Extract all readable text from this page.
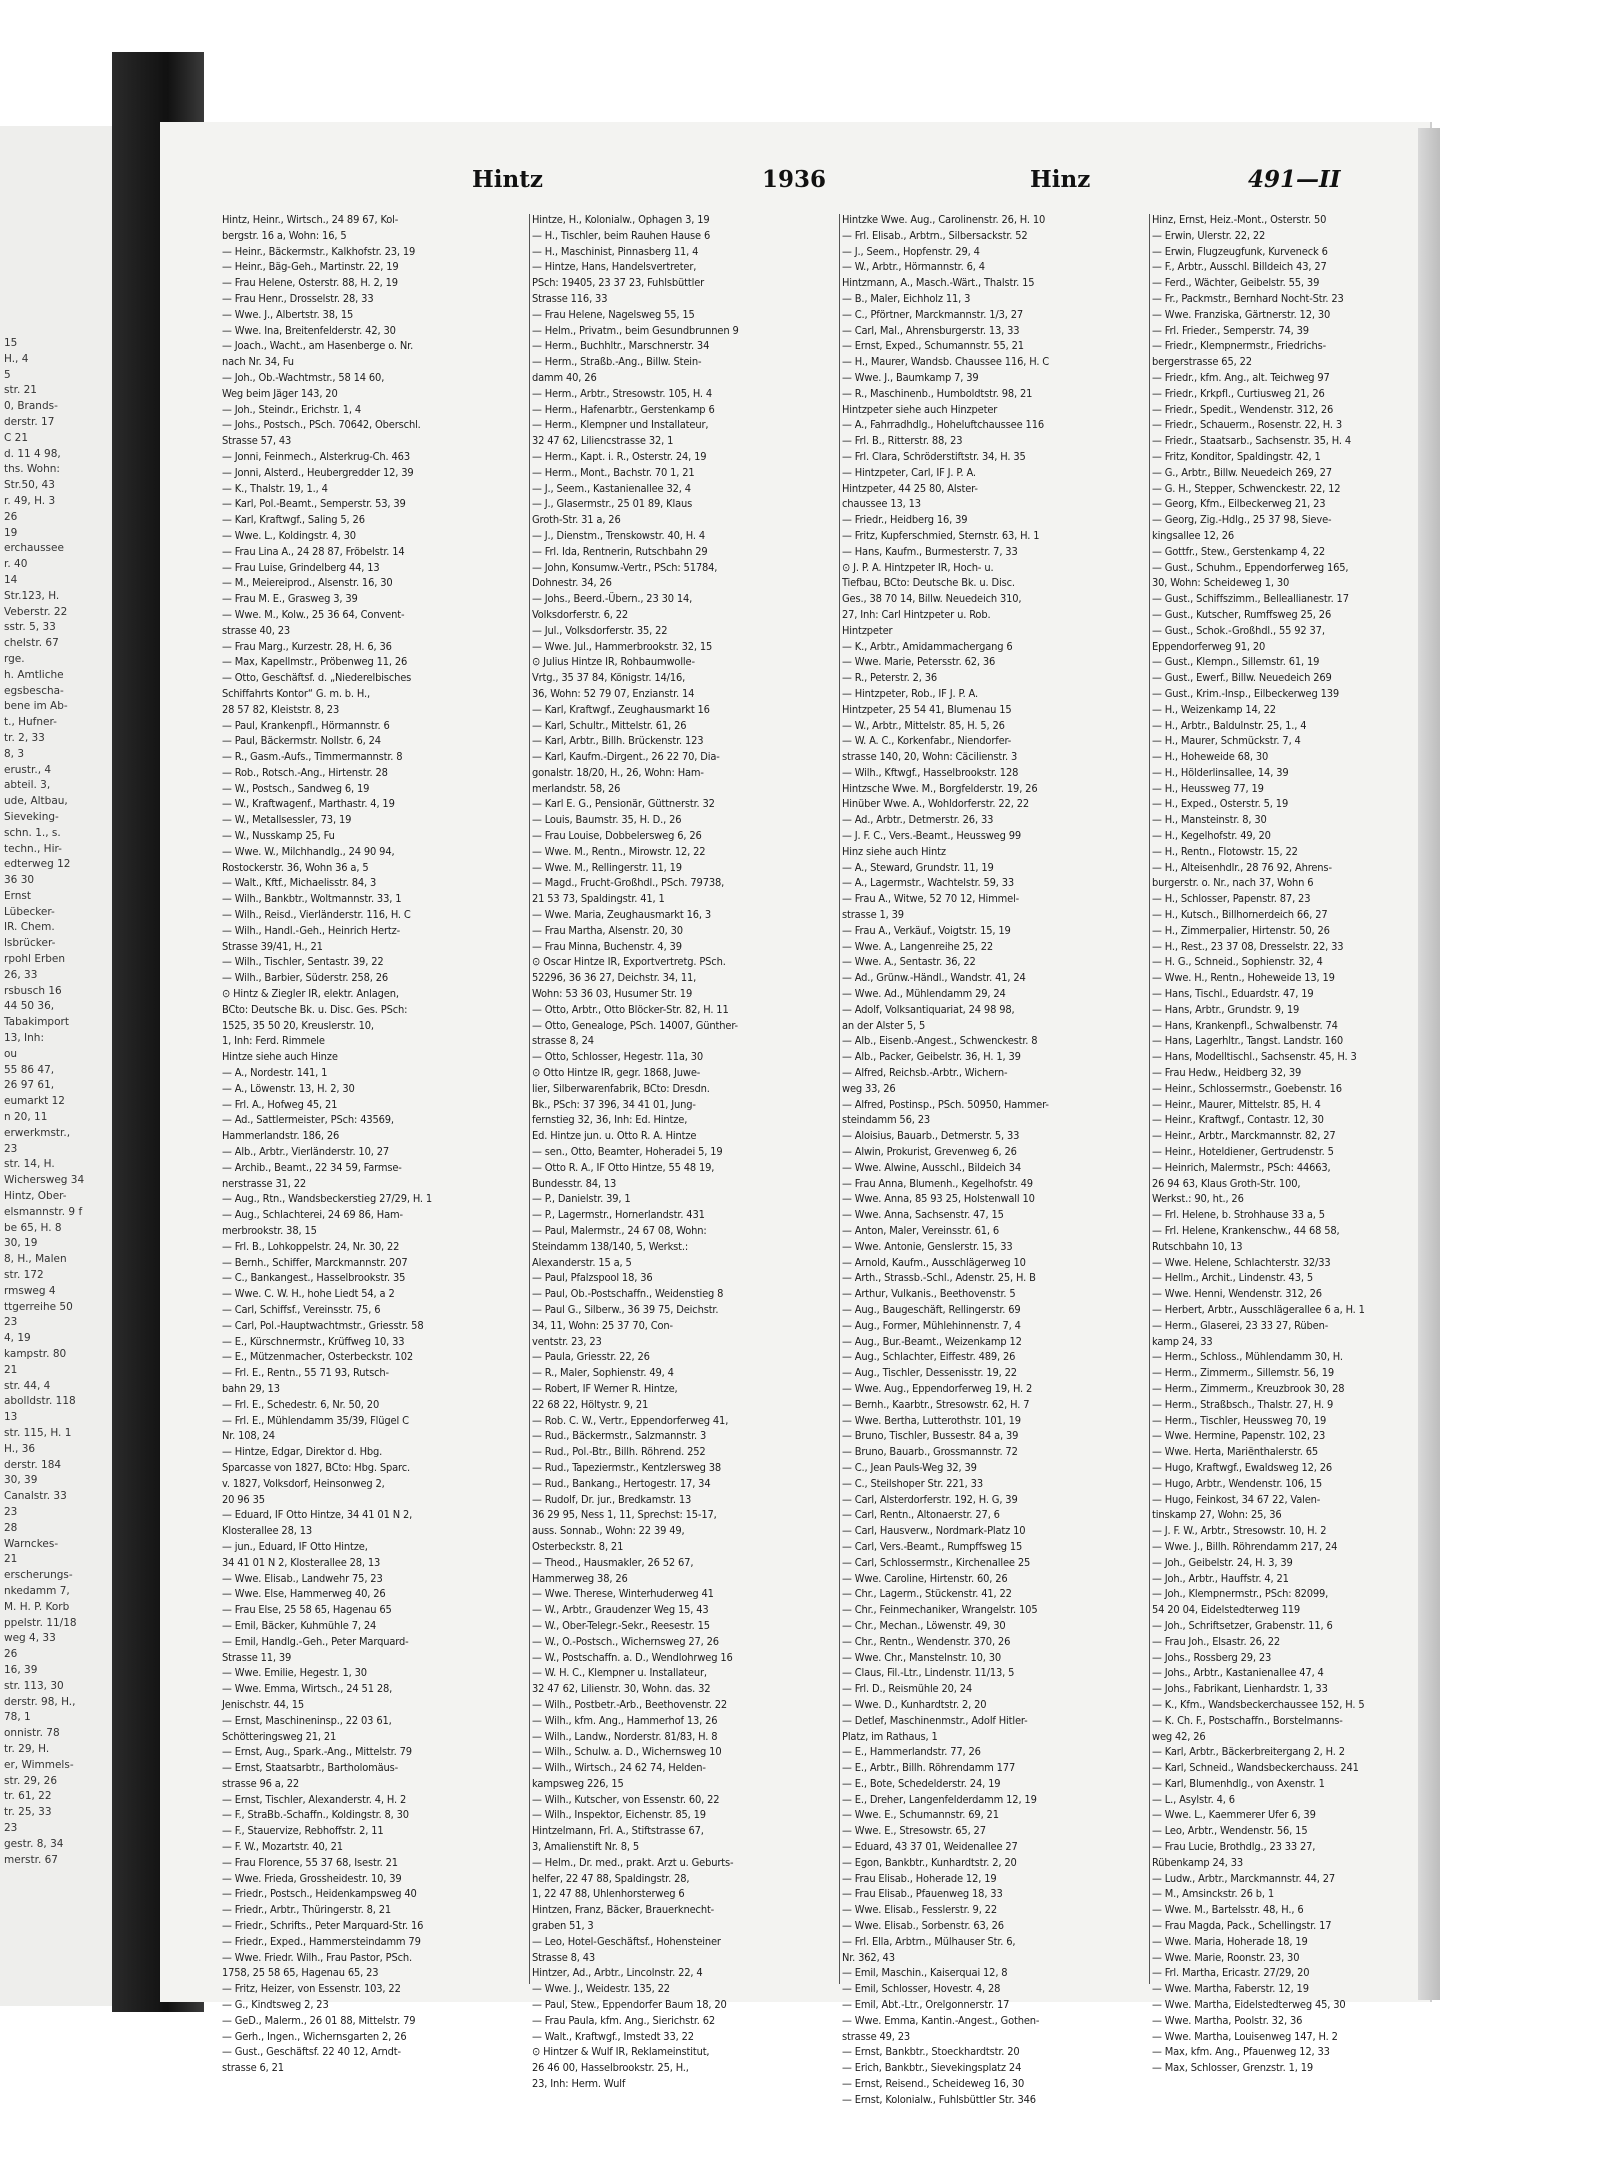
15
H., 4
5
str. 21
0, Brands-
derstr. 17
C 21
d. 11 4 98,
ths. Wohn:
Str.50, 43
r. 49, H. 3
26
19
erchaussee
r. 40
14
Str.123, H.
Veberstr. 22
sstr. 5, 33
chelstr. 67
rge.
h. Amtliche
egsbescha-
bene im Ab-
t., Hufner-
tr. 2, 33
8, 3
erustr., 4
abteil. 3,
ude, Altbau,
Sieveking-
schn. 1., s.
techn., Hir-
edterweg 12
36 30
Ernst
Lübecker-
IR. Chem.
lsbrücker-
rpohl Erben
26, 33
rsbusch 16
44 50 36,
Tabakimport
13, Inh:
ou
55 86 47,
26 97 61,
eumarkt 12
n 20, 11
erwerkmstr.,
23
str. 14, H.
Wichersweg 34
Hintz, Ober-
elsmannstr. 9 f
be 65, H. 8
30, 19
8, H., Malen
str. 172
rmsweg 4
ttgerreihe 50
23
4, 19
kampstr. 80
21
str. 44, 4
abolldstr. 118
13
str. 115, H. 1
H., 36
derstr. 184
30, 39
Canalstr. 33
23
28
Warnckes-
21
erscherungs-
nkedamm 7,
M. H. P. Korb
ppelstr. 11/18
weg 4, 33
26
16, 39
str. 113, 30
derstr. 98, H.,
78, 1
onnistr. 78
tr. 29, H.
er, Wimmels-
str. 29, 26
tr. 61, 22
tr. 25, 33
23
gestr. 8, 34
merstr. 67
Hintz	1936	Hinz	491—II
Hintz, Heinr., Wirtsch., 24 89 67, Kol-
bergstr. 16 a, Wohn: 16, 5
— Heinr., Bäckermstr., Kalkhofstr. 23, 19
— Heinr., Bäg-Geh., Martinstr. 22, 19
— Frau Helene, Osterstr. 88, H. 2, 19
— Frau Henr., Drosselstr. 28, 33
— Wwe. J., Albertstr. 38, 15
— Wwe. Ina, Breitenfelderstr. 42, 30
— Joach., Wacht., am Hasenberge o. Nr.
nach Nr. 34, Fu
— Joh., Ob.-Wachtmstr., 58 14 60,
Weg beim Jäger 143, 20
— Joh., Steindr., Erichstr. 1, 4
— Johs., Postsch., PSch. 70642, Oberschl.
Strasse 57, 43
— Jonni, Feinmech., Alsterkrug-Ch. 463
— Jonni, Alsterd., Heubergredder 12, 39
— K., Thalstr. 19, 1., 4
— Karl, Pol.-Beamt., Semperstr. 53, 39
— Karl, Kraftwgf., Saling 5, 26
— Wwe. L., Koldingstr. 4, 30
— Frau Lina A., 24 28 87, Fröbelstr. 14
— Frau Luise, Grindelberg 44, 13
— M., Meiereiprod., Alsenstr. 16, 30
— Frau M. E., Grasweg 3, 39
— Wwe. M., Kolw., 25 36 64, Convent-
strasse 40, 23
— Frau Marg., Kurzestr. 28, H. 6, 36
— Max, Kapellmstr., Pröbenweg 11, 26
— Otto, Geschäftsf. d. „Niederelbisches
Schiffahrts Kontor“ G. m. b. H.,
28 57 82, Kleiststr. 8, 23
— Paul, Krankenpfl., Hörmannstr. 6
— Paul, Bäckermstr. Nollstr. 6, 24
— R., Gasm.-Aufs., Timmermannstr. 8
— Rob., Rotsch.-Ang., Hirtenstr. 28
— W., Postsch., Sandweg 6, 19
— W., Kraftwagenf., Marthastr. 4, 19
— W., Metallsessler, 73, 19
— W., Nusskamp 25, Fu
— Wwe. W., Milchhandlg., 24 90 94,
Rostockerstr. 36, Wohn 36 a, 5
— Walt., Kftf., Michaelisstr. 84, 3
— Wilh., Bankbtr., Woltmannstr. 33, 1
— Wilh., Reisd., Vierländerstr. 116, H. C
— Wilh., Handl.-Geh., Heinrich Hertz-
Strasse 39/41, H., 21
— Wilh., Tischler, Sentastr. 39, 22
— Wilh., Barbier, Süderstr. 258, 26
⊙ Hintz & Ziegler IR, elektr. Anlagen,
BCto: Deutsche Bk. u. Disc. Ges. PSch:
1525, 35 50 20, Kreuslerstr. 10,
1, Inh: Ferd. Rimmele
Hintze siehe auch Hinze
— A., Nordestr. 141, 1
— A., Löwenstr. 13, H. 2, 30
— Frl. A., Hofweg 45, 21
— Ad., Sattlermeister, PSch: 43569,
Hammerlandstr. 186, 26
— Alb., Arbtr., Vierländerstr. 10, 27
— Archib., Beamt., 22 34 59, Farmse-
nerstrasse 31, 22
— Aug., Rtn., Wandsbeckerstieg 27/29, H. 1
— Aug., Schlachterei, 24 69 86, Ham-
merbrookstr. 38, 15
— Frl. B., Lohkoppelstr. 24, Nr. 30, 22
— Bernh., Schiffer, Marckmannstr. 207
— C., Bankangest., Hasselbrookstr. 35
— Wwe. C. W. H., hohe Liedt 54, a 2
— Carl, Schiffsf., Vereinsstr. 75, 6
— Carl, Pol.-Hauptwachtmstr., Griesstr. 58
— E., Kürschnermstr., Krüffweg 10, 33
— E., Mützenmacher, Osterbeckstr. 102
— Frl. E., Rentn., 55 71 93, Rutsch-
bahn 29, 13
— Frl. E., Schedestr. 6, Nr. 50, 20
— Frl. E., Mühlendamm 35/39, Flügel C
Nr. 108, 24
— Hintze, Edgar, Direktor d. Hbg.
Sparcasse von 1827, BCto: Hbg. Sparc.
v. 1827, Volksdorf, Heinsonweg 2,
20 96 35
— Eduard, IF Otto Hintze, 34 41 01 N 2,
Klosterallee 28, 13
— jun., Eduard, IF Otto Hintze,
34 41 01 N 2, Klosterallee 28, 13
— Wwe. Elisab., Landwehr 75, 23
— Wwe. Else, Hammerweg 40, 26
— Frau Else, 25 58 65, Hagenau 65
— Emil, Bäcker, Kuhmühle 7, 24
— Emil, Handlg.-Geh., Peter Marquard-
Strasse 11, 39
— Wwe. Emilie, Hegestr. 1, 30
— Wwe. Emma, Wirtsch., 24 51 28,
Jenischstr. 44, 15
— Ernst, Maschineninsp., 22 03 61,
Schötteringsweg 21, 21
— Ernst, Aug., Spark.-Ang., Mittelstr. 79
— Ernst, Staatsarbtr., Bartholomäus-
strasse 96 a, 22
— Ernst, Tischler, Alexanderstr. 4, H. 2
— F., StraBb.-Schaffn., Koldingstr. 8, 30
— F., Stauervize, Rebhoffstr. 2, 11
— F. W., Mozartstr. 40, 21
— Frau Florence, 55 37 68, Isestr. 21
— Wwe. Frieda, Grossheidestr. 10, 39
— Friedr., Postsch., Heidenkampsweg 40
— Friedr., Arbtr., Thüringerstr. 8, 21
— Friedr., Schrifts., Peter Marquard-Str. 16
— Friedr., Exped., Hammersteindamm 79
— Wwe. Friedr. Wilh., Frau Pastor, PSch.
1758, 25 58 65, Hagenau 65, 23
— Fritz, Heizer, von Essenstr. 103, 22
— G., Kindtsweg 2, 23
— GeD., Malerm., 26 01 88, Mittelstr. 79
— Gerh., Ingen., Wichernsgarten 2, 26
— Gust., Geschäftsf. 22 40 12, Arndt-
strasse 6, 21
Hintze, H., Kolonialw., Ophagen 3, 19
— H., Tischler, beim Rauhen Hause 6
— H., Maschinist, Pinnasberg 11, 4
— Hintze, Hans, Handelsvertreter,
PSch: 19405, 23 37 23, Fuhlsbüttler
Strasse 116, 33
— Frau Helene, Nagelsweg 55, 15
— Helm., Privatm., beim Gesundbrunnen 9
— Herm., Buchhltr., Marschnerstr. 34
— Herm., Straßb.-Ang., Billw. Stein-
damm 40, 26
— Herm., Arbtr., Stresowstr. 105, H. 4
— Herm., Hafenarbtr., Gerstenkamp 6
— Herm., Klempner und Installateur,
32 47 62, Liliencstrasse 32, 1
— Herm., Kapt. i. R., Osterstr. 24, 19
— Herm., Mont., Bachstr. 70 1, 21
— J., Seem., Kastanienallee 32, 4
— J., Glasermstr., 25 01 89, Klaus
Groth-Str. 31 a, 26
— J., Dienstm., Trenskowstr. 40, H. 4
— Frl. Ida, Rentnerin, Rutschbahn 29
— John, Konsumw.-Vertr., PSch: 51784,
Dohnestr. 34, 26
— Johs., Beerd.-Übern., 23 30 14,
Volksdorferstr. 6, 22
— Jul., Volksdorferstr. 35, 22
— Wwe. Jul., Hammerbrookstr. 32, 15
⊙ Julius Hintze IR, Rohbaumwolle-
Vrtg., 35 37 84, Königstr. 14/16,
36, Wohn: 52 79 07, Enzianstr. 14
— Karl, Kraftwgf., Zeughausmarkt 16
— Karl, Schultr., Mittelstr. 61, 26
— Karl, Arbtr., Billh. Brückenstr. 123
— Karl, Kaufm.-Dirgent., 26 22 70, Dia-
gonalstr. 18/20, H., 26, Wohn: Ham-
merlandstr. 58, 26
— Karl E. G., Pensionär, Güttnerstr. 32
— Louis, Baumstr. 35, H. D., 26
— Frau Louise, Dobbelersweg 6, 26
— Wwe. M., Rentn., Mirowstr. 12, 22
— Wwe. M., Rellingerstr. 11, 19
— Magd., Frucht-Großhdl., PSch. 79738,
21 53 73, Spaldingstr. 41, 1
— Wwe. Maria, Zeughausmarkt 16, 3
— Frau Martha, Alsenstr. 20, 30
— Frau Minna, Buchenstr. 4, 39
⊙ Oscar Hintze IR, Exportvertretg. PSch.
52296, 36 36 27, Deichstr. 34, 11,
Wohn: 53 36 03, Husumer Str. 19
— Otto, Arbtr., Otto Blöcker-Str. 82, H. 11
— Otto, Genealoge, PSch. 14007, Günther-
strasse 8, 24
— Otto, Schlosser, Hegestr. 11a, 30
⊙ Otto Hintze IR, gegr. 1868, Juwe-
lier, Silberwarenfabrik, BCto: Dresdn.
Bk., PSch: 37 396, 34 41 01, Jung-
fernstieg 32, 36, Inh: Ed. Hintze,
Ed. Hintze jun. u. Otto R. A. Hintze
— sen., Otto, Beamter, Hoheradei 5, 19
— Otto R. A., IF Otto Hintze, 55 48 19,
Bundesstr. 84, 13
— P., Danielstr. 39, 1
— P., Lagermstr., Hornerlandstr. 431
— Paul, Malermstr., 24 67 08, Wohn:
Steindamm 138/140, 5, Werkst.:
Alexanderstr. 15 a, 5
— Paul, Pfalzspool 18, 36
— Paul, Ob.-Postschaffn., Weidenstieg 8
— Paul G., Silberw., 36 39 75, Deichstr.
34, 11, Wohn: 25 37 70, Con-
ventstr. 23, 23
— Paula, Griesstr. 22, 26
— R., Maler, Sophienstr. 49, 4
— Robert, IF Werner R. Hintze,
22 68 22, Höltystr. 9, 21
— Rob. C. W., Vertr., Eppendorferweg 41,
— Rud., Bäckermstr., Salzmannstr. 3
— Rud., Pol.-Btr., Billh. Röhrend. 252
— Rud., Tapeziermstr., Kentzlersweg 38
— Rud., Bankang., Hertogestr. 17, 34
— Rudolf, Dr. jur., Bredkamstr. 13
36 29 95, Ness 1, 11, Sprechst: 15-17,
auss. Sonnab., Wohn: 22 39 49,
Osterbeckstr. 8, 21
— Theod., Hausmakler, 26 52 67,
Hammerweg 38, 26
— Wwe. Therese, Winterhuderweg 41
— W., Arbtr., Graudenzer Weg 15, 43
— W., Ober-Telegr.-Sekr., Reesestr. 15
— W., O.-Postsch., Wichernsweg 27, 26
— W., Postschaffn. a. D., Wendlohrweg 16
— W. H. C., Klempner u. Installateur,
32 47 62, Lilienstr. 30, Wohn. das. 32
— Wilh., Postbetr.-Arb., Beethovenstr. 22
— Wilh., kfm. Ang., Hammerhof 13, 26
— Wilh., Landw., Norderstr. 81/83, H. 8
— Wilh., Schulw. a. D., Wichernsweg 10
— Wilh., Wirtsch., 24 62 74, Helden-
kampsweg 226, 15
— Wilh., Kutscher, von Essenstr. 60, 22
— Wilh., Inspektor, Eichenstr. 85, 19
Hintzelmann, Frl. A., Stiftstrasse 67,
3, Amalienstift Nr. 8, 5
— Helm., Dr. med., prakt. Arzt u. Geburts-
helfer, 22 47 88, Spaldingstr. 28,
1, 22 47 88, Uhlenhorsterweg 6
Hintzen, Franz, Bäcker, Brauerknecht-
graben 51, 3
— Leo, Hotel-Geschäftsf., Hohensteiner
Strasse 8, 43
Hintzer, Ad., Arbtr., Lincolnstr. 22, 4
— Wwe. J., Weidestr. 135, 22
— Paul, Stew., Eppendorfer Baum 18, 20
— Frau Paula, kfm. Ang., Sierichstr. 62
— Walt., Kraftwgf., Imstedt 33, 22
⊙ Hintzer & Wulf IR, Reklameinstitut,
26 46 00, Hasselbrookstr. 25, H.,
23, Inh: Herm. Wulf
Hintzke Wwe. Aug., Carolinenstr. 26, H. 10
— Frl. Elisab., Arbtrn., Silbersackstr. 52
— J., Seem., Hopfenstr. 29, 4
— W., Arbtr., Hörmannstr. 6, 4
Hintzmann, A., Masch.-Wärt., Thalstr. 15
— B., Maler, Eichholz 11, 3
— C., Pförtner, Marckmannstr. 1/3, 27
— Carl, Mal., Ahrensburgerstr. 13, 33
— Ernst, Exped., Schumannstr. 55, 21
— H., Maurer, Wandsb. Chaussee 116, H. C
— Wwe. J., Baumkamp 7, 39
— R., Maschinenb., Humboldtstr. 98, 21
Hintzpeter siehe auch Hinzpeter
— A., Fahrradhdlg., Hoheluftchaussee 116
— Frl. B., Ritterstr. 88, 23
— Frl. Clara, Schröderstiftstr. 34, H. 35
— Hintzpeter, Carl, IF J. P. A.
Hintzpeter, 44 25 80, Alster-
chaussee 13, 13
— Friedr., Heidberg 16, 39
— Fritz, Kupferschmied, Sternstr. 63, H. 1
— Hans, Kaufm., Burmesterstr. 7, 33
⊙ J. P. A. Hintzpeter IR, Hoch- u.
Tiefbau, BCto: Deutsche Bk. u. Disc.
Ges., 38 70 14, Billw. Neuedeich 310,
27, Inh: Carl Hintzpeter u. Rob.
Hintzpeter
— K., Arbtr., Amidammachergang 6
— Wwe. Marie, Petersstr. 62, 36
— R., Peterstr. 2, 36
— Hintzpeter, Rob., IF J. P. A.
Hintzpeter, 25 54 41, Blumenau 15
— W., Arbtr., Mittelstr. 85, H. 5, 26
— W. A. C., Korkenfabr., Niendorfer-
strasse 140, 20, Wohn: Cäcilienstr. 3
— Wilh., Kftwgf., Hasselbrookstr. 128
Hintzsche Wwe. M., Borgfelderstr. 19, 26
Hinüber Wwe. A., Wohldorferstr. 22, 22
— Ad., Arbtr., Detmerstr. 26, 33
— J. F. C., Vers.-Beamt., Heussweg 99
Hinz siehe auch Hintz
— A., Steward, Grundstr. 11, 19
— A., Lagermstr., Wachtelstr. 59, 33
— Frau A., Witwe, 52 70 12, Himmel-
strasse 1, 39
— Frau A., Verkäuf., Voigtstr. 15, 19
— Wwe. A., Langenreihe 25, 22
— Wwe. A., Sentastr. 36, 22
— Ad., Grünw.-Händl., Wandstr. 41, 24
— Wwe. Ad., Mühlendamm 29, 24
— Adolf, Volksantiquariat, 24 98 98,
an der Alster 5, 5
— Alb., Eisenb.-Angest., Schwenckestr. 8
— Alb., Packer, Geibelstr. 36, H. 1, 39
— Alfred, Reichsb.-Arbtr., Wichern-
weg 33, 26
— Alfred, Postinsp., PSch. 50950, Hammer-
steindamm 56, 23
— Aloisius, Bauarb., Detmerstr. 5, 33
— Alwin, Prokurist, Grevenweg 6, 26
— Wwe. Alwine, Ausschl., Bildeich 34
— Frau Anna, Blumenh., Kegelhofstr. 49
— Wwe. Anna, 85 93 25, Holstenwall 10
— Wwe. Anna, Sachsenstr. 47, 15
— Anton, Maler, Vereinsstr. 61, 6
— Wwe. Antonie, Genslerstr. 15, 33
— Arnold, Kaufm., Ausschlägerweg 10
— Arth., Strassb.-Schl., Adenstr. 25, H. B
— Arthur, Vulkanis., Beethovenstr. 5
— Aug., Baugeschäft, Rellingerstr. 69
— Aug., Former, Mühlehinnenstr. 7, 4
— Aug., Bur.-Beamt., Weizenkamp 12
— Aug., Schlachter, Eiffestr. 489, 26
— Aug., Tischler, Dessenisstr. 19, 22
— Wwe. Aug., Eppendorferweg 19, H. 2
— Bernh., Kaarbtr., Stresowstr. 62, H. 7
— Wwe. Bertha, Lutterothstr. 101, 19
— Bruno, Tischler, Bussestr. 84 a, 39
— Bruno, Bauarb., Grossmannstr. 72
— C., Jean Pauls-Weg 32, 39
— C., Steilshoper Str. 221, 33
— Carl, Alsterdorferstr. 192, H. G, 39
— Carl, Rentn., Altonaerstr. 27, 6
— Carl, Hausverw., Nordmark-Platz 10
— Carl, Vers.-Beamt., Rumpffsweg 15
— Carl, Schlossermstr., Kirchenallee 25
— Wwe. Caroline, Hirtenstr. 60, 26
— Chr., Lagerm., Stückenstr. 41, 22
— Chr., Feinmechaniker, Wrangelstr. 105
— Chr., Mechan., Löwenstr. 49, 30
— Chr., Rentn., Wendenstr. 370, 26
— Wwe. Chr., Manstelnstr. 10, 30
— Claus, Fil.-Ltr., Lindenstr. 11/13, 5
— Frl. D., Reismühle 20, 24
— Wwe. D., Kunhardtstr. 2, 20
— Detlef, Maschinenmstr., Adolf Hitler-
Platz, im Rathaus, 1
— E., Hammerlandstr. 77, 26
— E., Arbtr., Billh. Röhrendamm 177
— E., Bote, Schedelderstr. 24, 19
— E., Dreher, Langenfelderdamm 12, 19
— Wwe. E., Schumannstr. 69, 21
— Wwe. E., Stresowstr. 65, 27
— Eduard, 43 37 01, Weidenallee 27
— Egon, Bankbtr., Kunhardtstr. 2, 20
— Frau Elisab., Hoherade 12, 19
— Frau Elisab., Pfauenweg 18, 33
— Wwe. Elisab., Fesslerstr. 9, 22
— Wwe. Elisab., Sorbenstr. 63, 26
— Frl. Ella, Arbtrn., Mülhauser Str. 6,
Nr. 362, 43
— Emil, Maschin., Kaiserquai 12, 8
— Emil, Schlosser, Hovestr. 4, 28
— Emil, Abt.-Ltr., Orelgonnerstr. 17
— Wwe. Emma, Kantin.-Angest., Gothen-
strasse 49, 23
— Ernst, Bankbtr., Stoeckhardtstr. 20
— Erich, Bankbtr., Sievekingsplatz 24
— Ernst, Reisend., Scheideweg 16, 30
— Ernst, Kolonialw., Fuhlsbüttler Str. 346
Hinz, Ernst, Heiz.-Mont., Osterstr. 50
— Erwin, Ulerstr. 22, 22
— Erwin, Flugzeugfunk, Kurveneck 6
— F., Arbtr., Ausschl. Billdeich 43, 27
— Ferd., Wächter, Geibelstr. 55, 39
— Fr., Packmstr., Bernhard Nocht-Str. 23
— Wwe. Franziska, Gärtnerstr. 12, 30
— Frl. Frieder., Semperstr. 74, 39
— Friedr., Klempnermstr., Friedrichs-
bergerstrasse 65, 22
— Friedr., kfm. Ang., alt. Teichweg 97
— Friedr., Krkpfl., Curtiusweg 21, 26
— Friedr., Spedit., Wendenstr. 312, 26
— Friedr., Schauerm., Rosenstr. 22, H. 3
— Friedr., Staatsarb., Sachsenstr. 35, H. 4
— Fritz, Konditor, Spaldingstr. 42, 1
— G., Arbtr., Billw. Neuedeich 269, 27
— G. H., Stepper, Schwenckestr. 22, 12
— Georg, Kfm., Eilbeckerweg 21, 23
— Georg, Zig.-Hdlg., 25 37 98, Sieve-
kingsallee 12, 26
— Gottfr., Stew., Gerstenkamp 4, 22
— Gust., Schuhm., Eppendorferweg 165,
30, Wohn: Scheideweg 1, 30
— Gust., Schiffszimm., Belleallianestr. 17
— Gust., Kutscher, Rumffsweg 25, 26
— Gust., Schok.-Großhdl., 55 92 37,
Eppendorferweg 91, 20
— Gust., Klempn., Sillemstr. 61, 19
— Gust., Ewerf., Billw. Neuedeich 269
— Gust., Krim.-Insp., Eilbeckerweg 139
— H., Weizenkamp 14, 22
— H., Arbtr., Baldulnstr. 25, 1., 4
— H., Maurer, Schmückstr. 7, 4
— H., Hoheweide 68, 30
— H., Hölderlinsallee, 14, 39
— H., Heussweg 77, 19
— H., Exped., Osterstr. 5, 19
— H., Mansteinstr. 8, 30
— H., Kegelhofstr. 49, 20
— H., Rentn., Flotowstr. 15, 22
— H., Alteisenhdlr., 28 76 92, Ahrens-
burgerstr. o. Nr., nach 37, Wohn 6
— H., Schlosser, Papenstr. 87, 23
— H., Kutsch., Billhornerdeich 66, 27
— H., Zimmerpalier, Hirtenstr. 50, 26
— H., Rest., 23 37 08, Dresselstr. 22, 33
— H. G., Schneid., Sophienstr. 32, 4
— Wwe. H., Rentn., Hoheweide 13, 19
— Hans, Tischl., Eduardstr. 47, 19
— Hans, Arbtr., Grundstr. 9, 19
— Hans, Krankenpfl., Schwalbenstr. 74
— Hans, Lagerhltr., Tangst. Landstr. 160
— Hans, Modelltischl., Sachsenstr. 45, H. 3
— Frau Hedw., Heidberg 32, 39
— Heinr., Schlossermstr., Goebenstr. 16
— Heinr., Maurer, Mittelstr. 85, H. 4
— Heinr., Kraftwgf., Contastr. 12, 30
— Heinr., Arbtr., Marckmannstr. 82, 27
— Heinr., Hoteldiener, Gertrudenstr. 5
— Heinrich, Malermstr., PSch: 44663,
26 94 63, Klaus Groth-Str. 100,
Werkst.: 90, ht., 26
— Frl. Helene, b. Strohhause 33 a, 5
— Frl. Helene, Krankenschw., 44 68 58,
Rutschbahn 10, 13
— Wwe. Helene, Schlachterstr. 32/33
— Hellm., Archit., Lindenstr. 43, 5
— Wwe. Henni, Wendenstr. 312, 26
— Herbert, Arbtr., Ausschlägerallee 6 a, H. 1
— Herm., Glaserei, 23 33 27, Rüben-
kamp 24, 33
— Herm., Schloss., Mühlendamm 30, H.
— Herm., Zimmerm., Sillemstr. 56, 19
— Herm., Zimmerm., Kreuzbrook 30, 28
— Herm., Straßbsch., Thalstr. 27, H. 9
— Herm., Tischler, Heussweg 70, 19
— Wwe. Hermine, Papenstr. 102, 23
— Wwe. Herta, Mariënthalerstr. 65
— Hugo, Kraftwgf., Ewaldsweg 12, 26
— Hugo, Arbtr., Wendenstr. 106, 15
— Hugo, Feinkost, 34 67 22, Valen-
tinskamp 27, Wohn: 25, 36
— J. F. W., Arbtr., Stresowstr. 10, H. 2
— Wwe. J., Billh. Röhrendamm 217, 24
— Joh., Geibelstr. 24, H. 3, 39
— Joh., Arbtr., Hauffstr. 4, 21
— Joh., Klempnermstr., PSch: 82099,
54 20 04, Eidelstedterweg 119
— Joh., Schriftsetzer, Grabenstr. 11, 6
— Frau Joh., Elsastr. 26, 22
— Johs., Rossberg 29, 23
— Johs., Arbtr., Kastanienallee 47, 4
— Johs., Fabrikant, Lienhardstr. 1, 33
— K., Kfm., Wandsbeckerchaussee 152, H. 5
— K. Ch. F., Postschaffn., Borstelmanns-
weg 42, 26
— Karl, Arbtr., Bäckerbreitergang 2, H. 2
— Karl, Schneid., Wandsbeckerchauss. 241
— Karl, Blumenhdlg., von Axenstr. 1
— L., Asylstr. 4, 6
— Wwe. L., Kaemmerer Ufer 6, 39
— Leo, Arbtr., Wendenstr. 56, 15
— Frau Lucie, Brothdlg., 23 33 27,
Rübenkamp 24, 33
— Ludw., Arbtr., Marckmannstr. 44, 27
— M., Amsinckstr. 26 b, 1
— Wwe. M., Bartelsstr. 48, H., 6
— Frau Magda, Pack., Schellingstr. 17
— Wwe. Maria, Hoherade 18, 19
— Wwe. Marie, Roonstr. 23, 30
— Frl. Martha, Ericastr. 27/29, 20
— Wwe. Martha, Faberstr. 12, 19
— Wwe. Martha, Eidelstedterweg 45, 30
— Wwe. Martha, Poolstr. 32, 36
— Wwe. Martha, Louisenweg 147, H. 2
— Max, kfm. Ang., Pfauenweg 12, 33
— Max, Schlosser, Grenzstr. 1, 19
